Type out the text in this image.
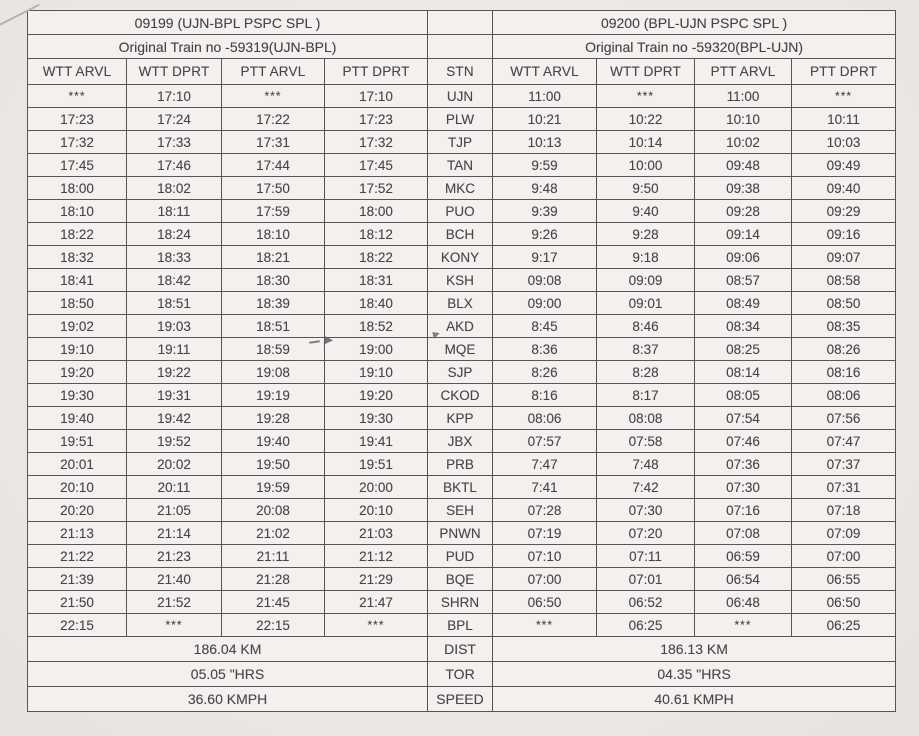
09199 (UJN-BPL PSPC SPL )					09200 (BPL-UJN PSPC SPL )			
Original Train no -59319(UJN-BPL)					Original Train no -59320(BPL-UJN)			
WTT ARVL	WTT DPRT	PTT ARVL	PTT DPRT	STN	WTT ARVL	WTT DPRT	PTT ARVL	PTT DPRT
***	17:10	***	17:10	UJN	11:00	***	11:00	***
17:23	17:24	17:22	17:23	PLW	10:21	10:22	10:10	10:11
17:32	17:33	17:31	17:32	TJP	10:13	10:14	10:02	10:03
17:45	17:46	17:44	17:45	TAN	9:59	10:00	09:48	09:49
18:00	18:02	17:50	17:52	MKC	9:48	9:50	09:38	09:40
18:10	18:11	17:59	18:00	PUO	9:39	9:40	09:28	09:29
18:22	18:24	18:10	18:12	BCH	9:26	9:28	09:14	09:16
18:32	18:33	18:21	18:22	KONY	9:17	9:18	09:06	09:07
18:41	18:42	18:30	18:31	KSH	09:08	09:09	08:57	08:58
18:50	18:51	18:39	18:40	BLX	09:00	09:01	08:49	08:50
19:02	19:03	18:51	18:52	AKD	8:45	8:46	08:34	08:35
19:10	19:11	18:59	19:00	MQE	8:36	8:37	08:25	08:26
19:20	19:22	19:08	19:10	SJP	8:26	8:28	08:14	08:16
19:30	19:31	19:19	19:20	CKOD	8:16	8:17	08:05	08:06
19:40	19:42	19:28	19:30	KPP	08:06	08:08	07:54	07:56
19:51	19:52	19:40	19:41	JBX	07:57	07:58	07:46	07:47
20:01	20:02	19:50	19:51	PRB	7:47	7:48	07:36	07:37
20:10	20:11	19:59	20:00	BKTL	7:41	7:42	07:30	07:31
20:20	21:05	20:08	20:10	SEH	07:28	07:30	07:16	07:18
21:13	21:14	21:02	21:03	PNWN	07:19	07:20	07:08	07:09
21:22	21:23	21:11	21:12	PUD	07:10	07:11	06:59	07:00
21:39	21:40	21:28	21:29	BQE	07:00	07:01	06:54	06:55
21:50	21:52	21:45	21:47	SHRN	06:50	06:52	06:48	06:50
22:15	***	22:15	***	BPL	***	06:25	***	06:25
186.04 KM				DIST	186.13 KM			
05.05 "HRS				TOR	04.35 "HRS			
36.60 KMPH				SPEED	40.61 KMPH			
